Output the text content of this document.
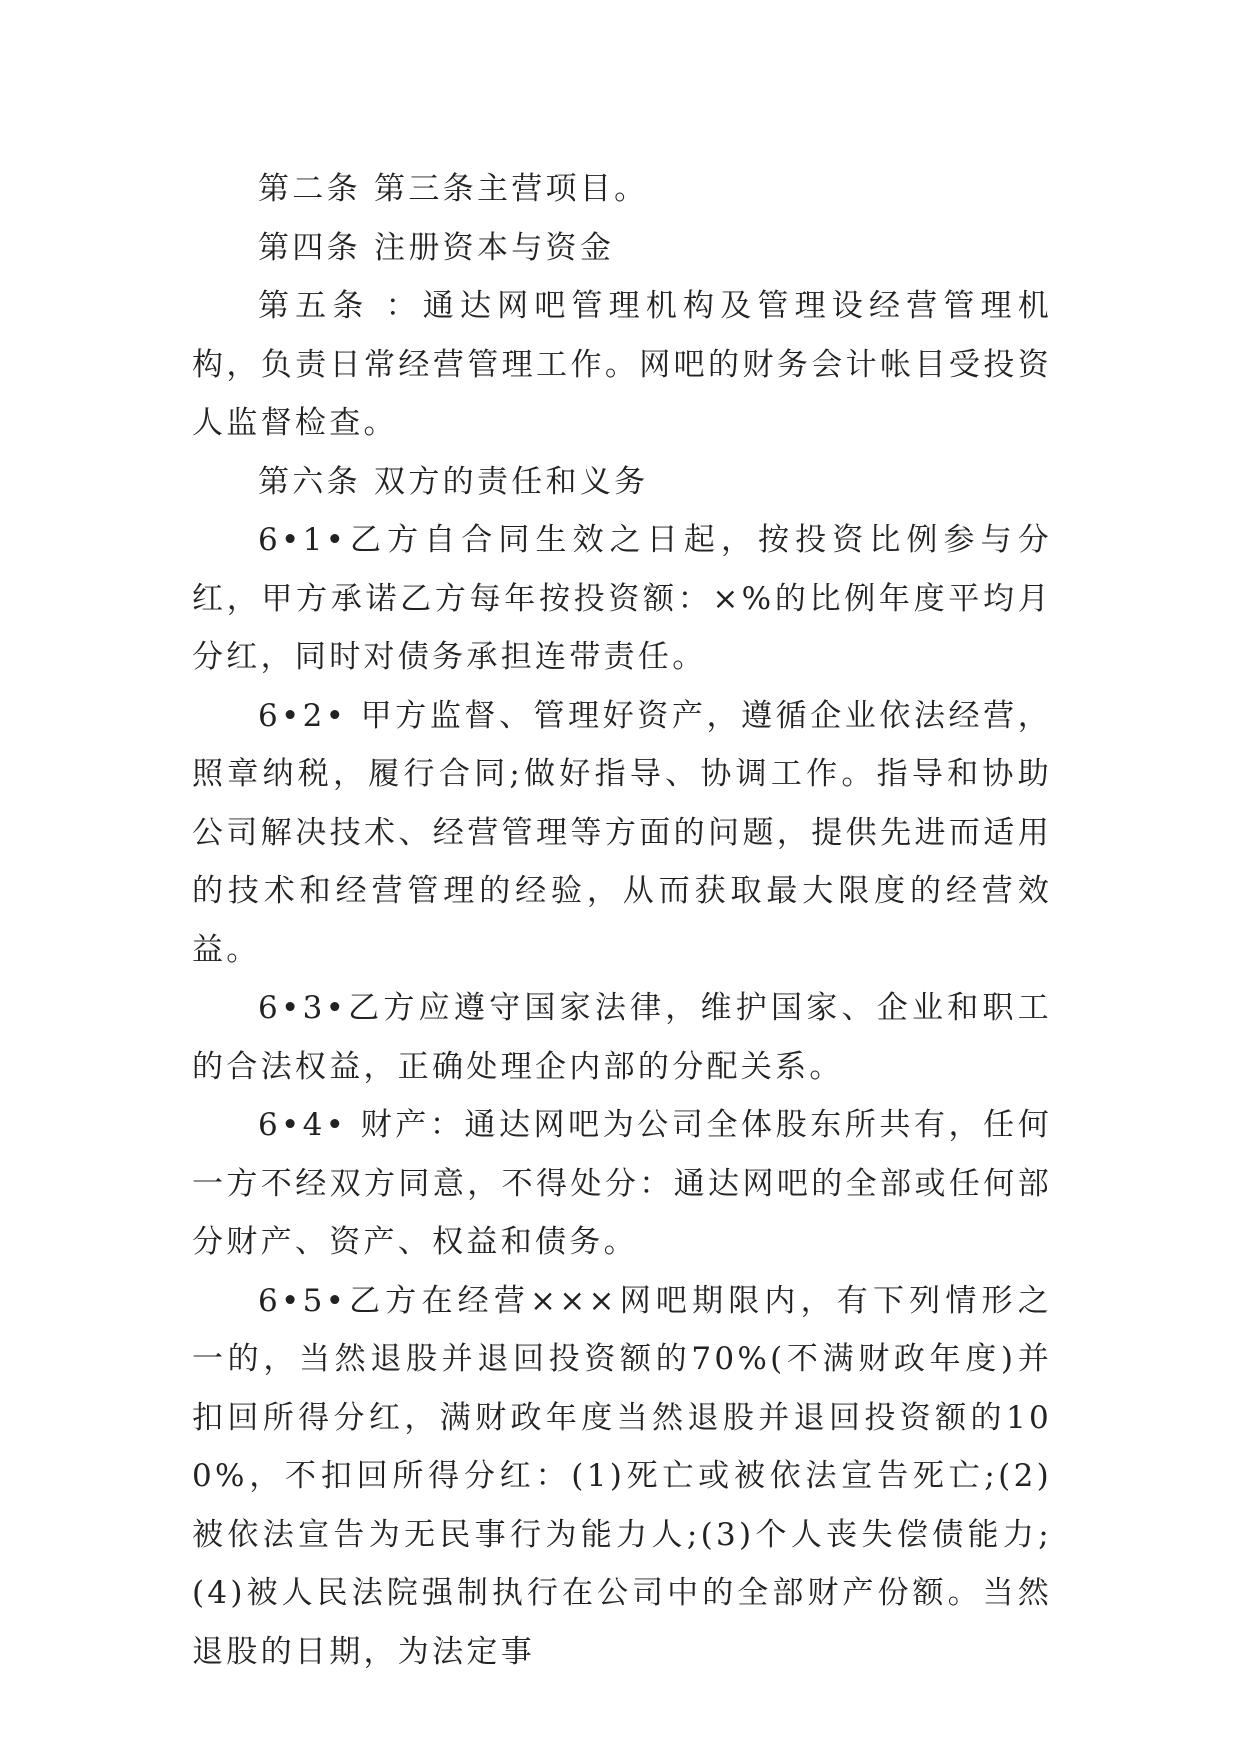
第二条 第三条主营项目。

第四条 注册资本与资金

第五条 ：通达网吧管理机构及管理设经营管理机构，负责日常经营管理工作。网吧的财务会计帐目受投资人监督检查。

第六条 双方的责任和义务

6•1•乙方自合同生效之日起，按投资比例参与分红，甲方承诺乙方每年按投资额：×%的比例年度平均月分红，同时对债务承担连带责任。

6•2• 甲方监督、管理好资产，遵循企业依法经营，照章纳税，履行合同;做好指导、协调工作。指导和协助公司解决技术、经营管理等方面的问题，提供先进而适用的技术和经营管理的经验，从而获取最大限度的经营效益。

6•3•乙方应遵守国家法律，维护国家、企业和职工的合法权益，正确处理企内部的分配关系。

6•4• 财产：通达网吧为公司全体股东所共有，任何一方不经双方同意，不得处分：通达网吧的全部或任何部分财产、资产、权益和债务。

6•5•乙方在经营×××网吧期限内，有下列情形之一的，当然退股并退回投资额的70%(不满财政年度)并扣回所得分红，满财政年度当然退股并退回投资额的100%，不扣回所得分红：(1)死亡或被依法宣告死亡;(2)被依法宣告为无民事行为能力人;(3)个人丧失偿债能力;(4)被人民法院强制执行在公司中的全部财产份额。当然退股的日期，为法定事
